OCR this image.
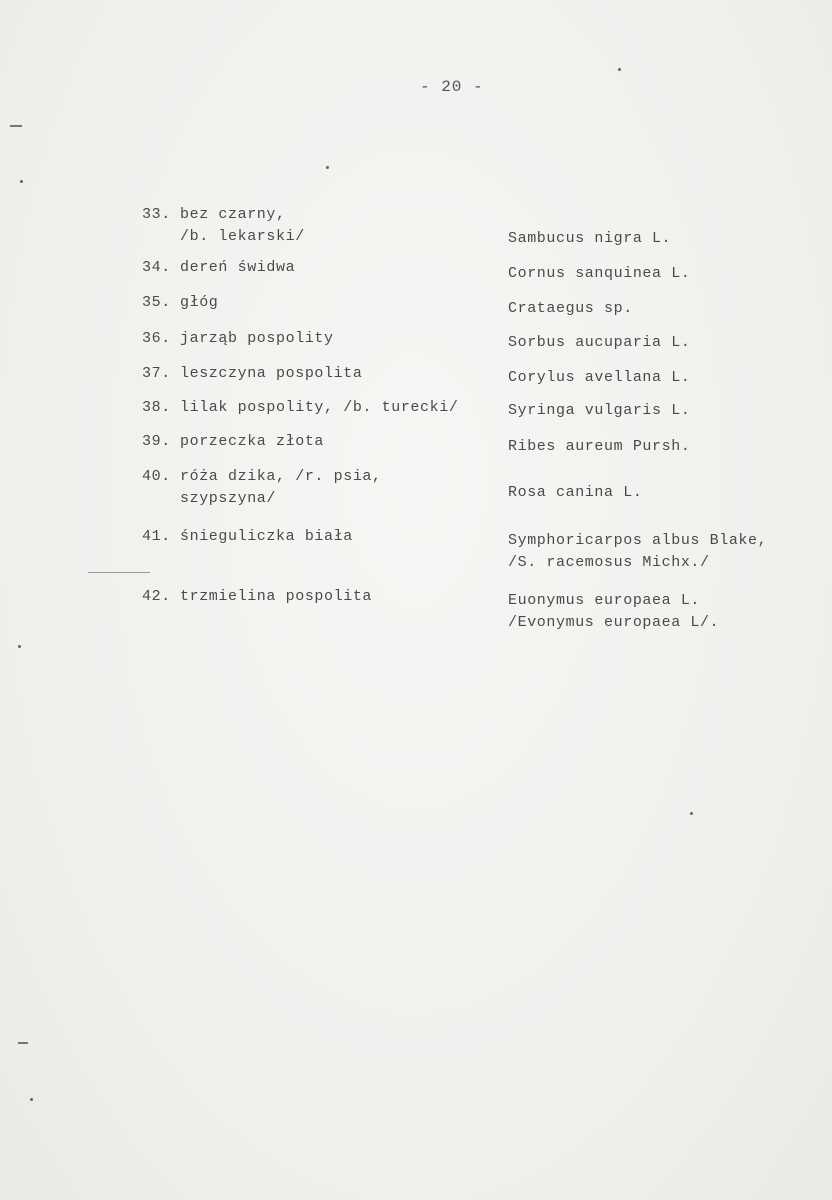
- 20 -
33. bez czarny,
/b. lekarski/	Sambucus nigra L.
34. dereń świdwa	Cornus sanquinea L.
35. głóg	Crataegus sp.
36. jarząb pospolity	Sorbus aucuparia L.
37. leszczyna pospolita	Corylus avellana L.
38. lilak pospolity, /b. turecki/	Syringa vulgaris L.
39. porzeczka złota	Ribes aureum Pursh.
40. róża dzika, /r. psia,
szypszyna/	Rosa canina L.
41. śnieguliczka biała	Symphoricarpos albus Blake,
/S. racemosus Michx./
42. trzmielina pospolita	Euonymus europaea L.
/Evonymus europaea L/.
